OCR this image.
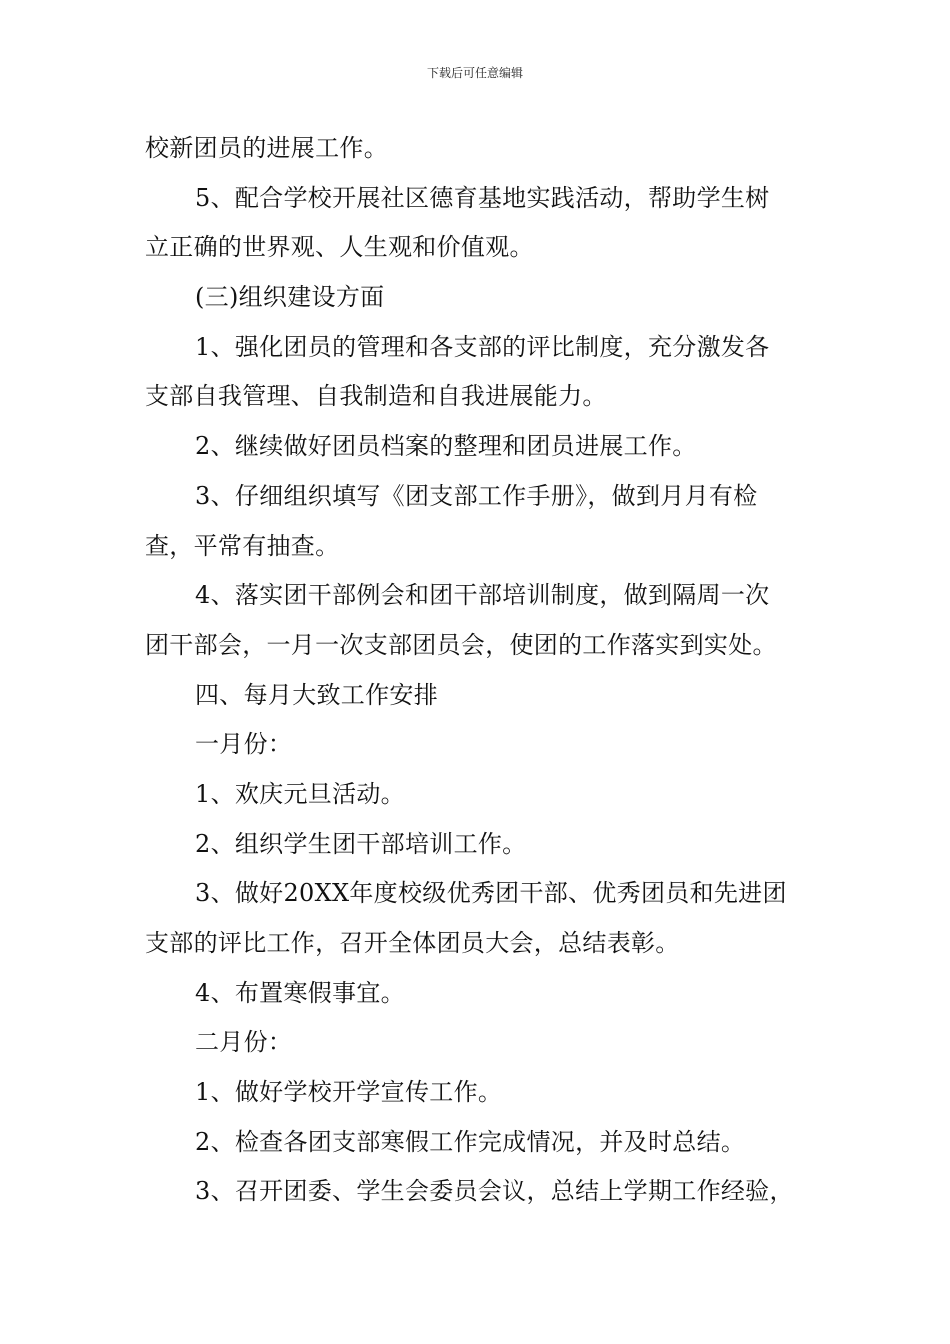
下载后可任意编辑
校新团员的进展工作。
5、配合学校开展社区德育基地实践活动，帮助学生树
立正确的世界观、人生观和价值观。
(三)组织建设方面
1、强化团员的管理和各支部的评比制度，充分激发各
支部自我管理、自我制造和自我进展能力。
2、继续做好团员档案的整理和团员进展工作。
3、仔细组织填写《团支部工作手册》，做到月月有检
查，平常有抽查。
4、落实团干部例会和团干部培训制度，做到隔周一次
团干部会，一月一次支部团员会，使团的工作落实到实处。
四、每月大致工作安排
一月份：
1、欢庆元旦活动。
2、组织学生团干部培训工作。
3、做好20XX年度校级优秀团干部、优秀团员和先进团
支部的评比工作，召开全体团员大会，总结表彰。
4、布置寒假事宜。
二月份：
1、做好学校开学宣传工作。
2、检查各团支部寒假工作完成情况，并及时总结。
3、召开团委、学生会委员会议，总结上学期工作经验，
